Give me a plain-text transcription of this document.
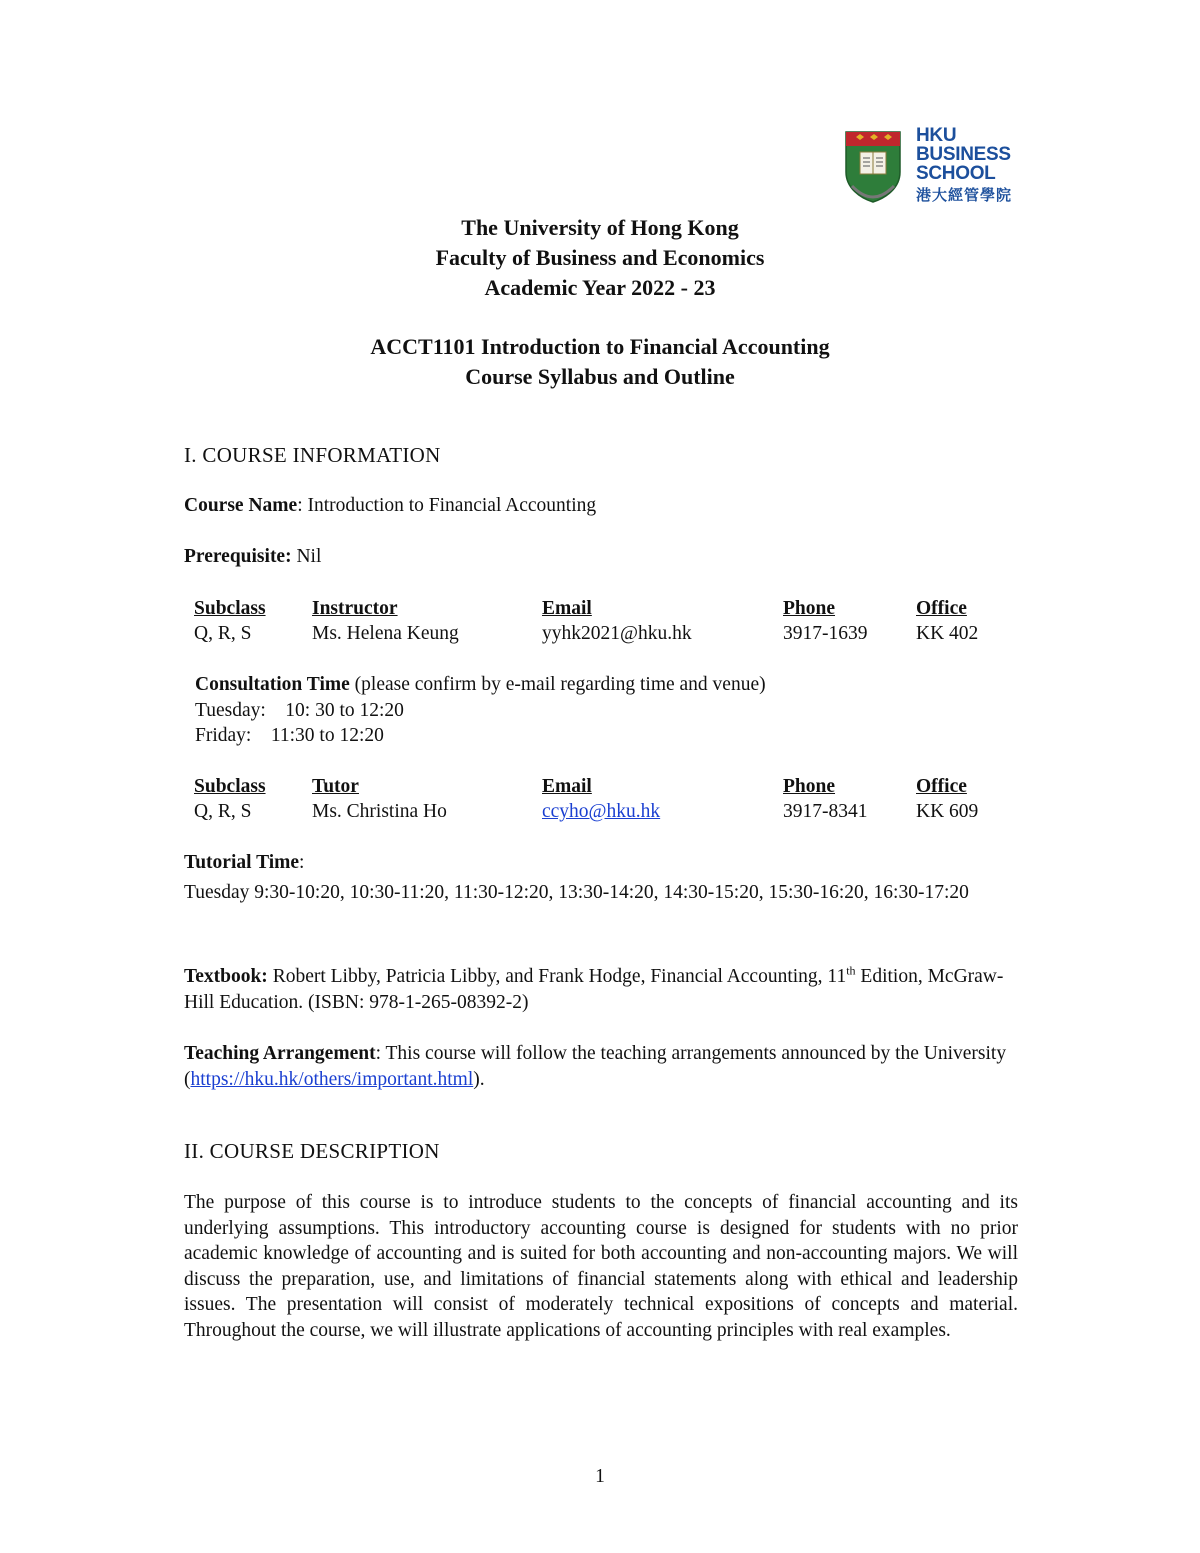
HKU
BUSINESS
SCHOOL
港大經管學院
The University of Hong Kong
Faculty of Business and Economics
Academic Year 2022 - 23
ACCT1101 Introduction to Financial Accounting
Course Syllabus and Outline
I. COURSE INFORMATION
Course Name: Introduction to Financial Accounting
Prerequisite: Nil
Subclass Instructor	Email	Phone	Office
Q, R, S	Ms. Helena Keung	yyhk2021@hku.hk	3917-1639 KK 402
Consultation Time (please confirm by e-mail regarding time and venue)
Tuesday:    10: 30 to 12:20
Friday:    11:30 to 12:20
Subclass Tutor	Email	Phone	Office
Q, R, S	Ms. Christina Ho	ccyho@hku.hk	3917-8341 KK 609
Tutorial Time:
Tuesday 9:30-10:20, 10:30-11:20, 11:30-12:20, 13:30-14:20, 14:30-15:20, 15:30-16:20, 16:30-17:20
Textbook: Robert Libby, Patricia Libby, and Frank Hodge, Financial Accounting, 11th Edition, McGraw-Hill Education. (ISBN: 978-1-265-08392-2)
Teaching Arrangement: This course will follow the teaching arrangements announced by the University (https://hku.hk/others/important.html).
II. COURSE DESCRIPTION
The purpose of this course is to introduce students to the concepts of financial accounting and its underlying assumptions. This introductory accounting course is designed for students with no prior academic knowledge of accounting and is suited for both accounting and non-accounting majors. We will discuss the preparation, use, and limitations of financial statements along with ethical and leadership issues. The presentation will consist of moderately technical expositions of concepts and material. Throughout the course, we will illustrate applications of accounting principles with real examples.
1
